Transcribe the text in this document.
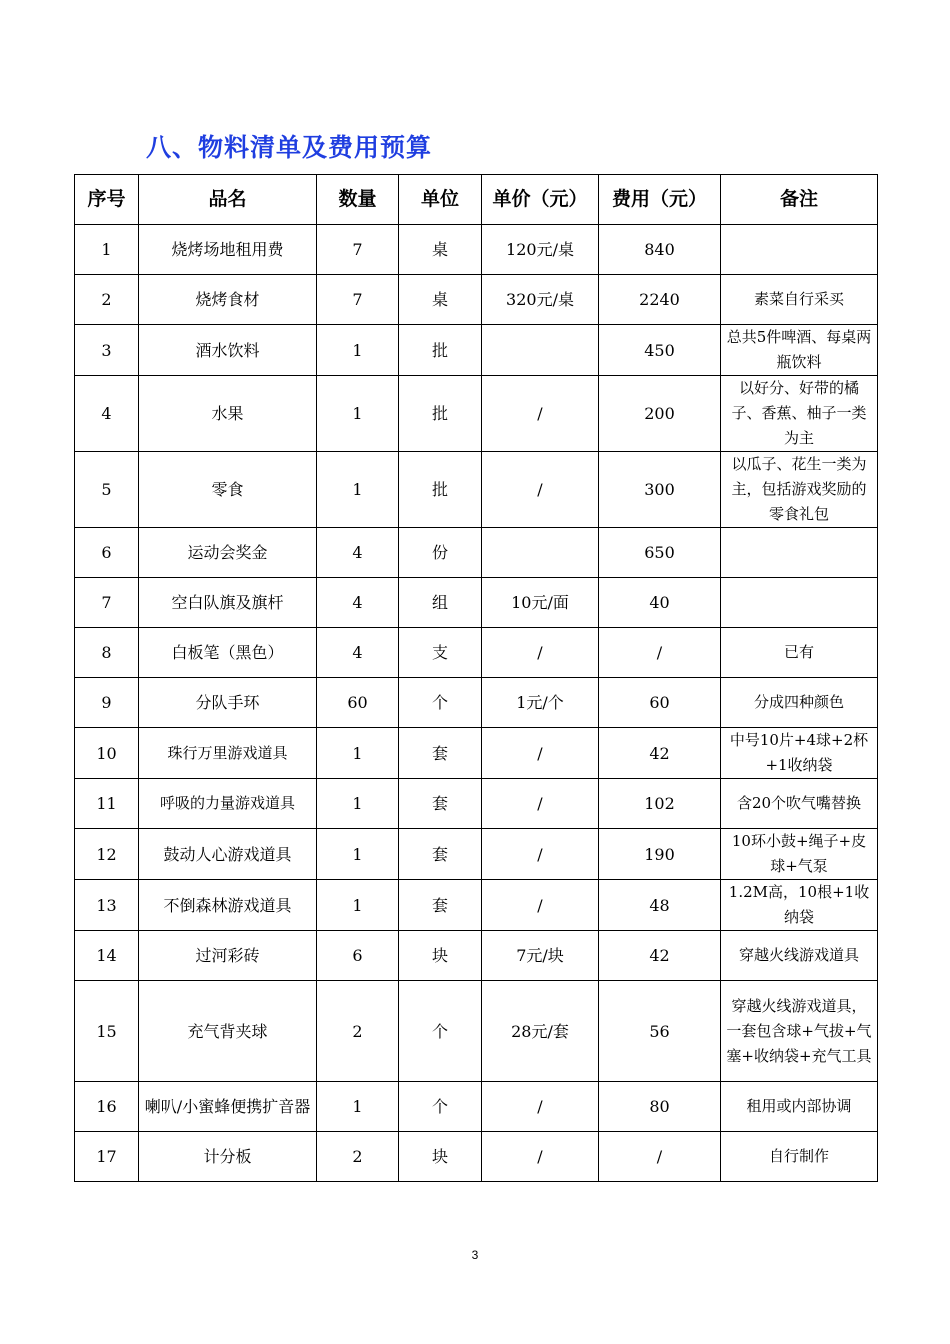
八、物料清单及费用预算
序号	品名	数量	单位	单价（元）	费用（元）	备注
1	烧烤场地租用费	7	桌	120元/桌	840	
2	烧烤食材	7	桌	320元/桌	2240	素菜自行采买
3	酒水饮料	1	批		450	总共5件啤酒、每桌两瓶饮料
4	水果	1	批	/	200	以好分、好带的橘子、香蕉、柚子一类为主
5	零食	1	批	/	300	以瓜子、花生一类为主，包括游戏奖励的零食礼包
6	运动会奖金	4	份		650	
7	空白队旗及旗杆	4	组	10元/面	40	
8	白板笔（黑色）	4	支	/	/	已有
9	分队手环	60	个	1元/个	60	分成四种颜色
10	珠行万里游戏道具	1	套	/	42	中号10片+4球+2杯+1收纳袋
11	呼吸的力量游戏道具	1	套	/	102	含20个吹气嘴替换
12	鼓动人心游戏道具	1	套	/	190	10环小鼓+绳子+皮球+气泵
13	不倒森林游戏道具	1	套	/	48	1.2M高，10根+1收纳袋
14	过河彩砖	6	块	7元/块	42	穿越火线游戏道具
15	充气背夹球	2	个	28元/套	56	穿越火线游戏道具，一套包含球+气拔+气塞+收纳袋+充气工具
16	喇叭/小蜜蜂便携扩音器	1	个	/	80	租用或内部协调
17	计分板	2	块	/	/	自行制作
3
